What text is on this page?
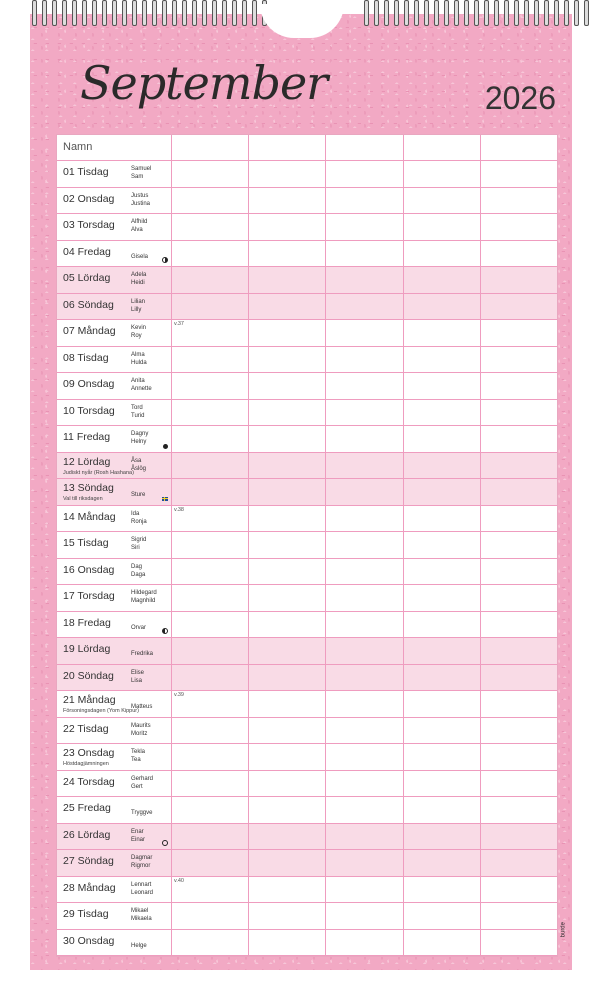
September	2026
Namn
01 Tisdag	Samuel
Sam
02 Onsdag	Justus
Justina
03 Torsdag	Alfhild
Alva
04 Fredag	Gisela
05 Lördag	Adela
Heidi
06 Söndag	Lilian
Lilly
07 Måndag	Kevin
Roy
v.37
08 Tisdag	Alma
Hulda
09 Onsdag	Anita
Annette
10 Torsdag	Tord
Turid
11 Fredag	Dagny
Helny
12 Lördag
Judiskt nyår (Rosh Hashana)
Åsa
Åslög
13 Söndag
Val till riksdagen
Sture
14 Måndag	Ida
Ronja
v.38
15 Tisdag	Sigrid
Siri
16 Onsdag	Dag
Daga
17 Torsdag	Hildegard
Magnhild
18 Fredag	Orvar
19 Lördag	Fredrika
20 Söndag	Elise
Lisa
21 Måndag
Försoningsdagen (Yom Kippur)
Matteus
v.39
22 Tisdag	Maurits
Moritz
23 Onsdag
Höstdagjämningen
Tekla
Tea
24 Torsdag	Gerhard
Gert
25 Fredag	Tryggve
26 Lördag	Enar
Einar
27 Söndag	Dagmar
Rigmor
28 Måndag	Lennart
Leonard
v.40
29 Tisdag	Mikael
Mikaela
30 Onsdag	Helge
burde
